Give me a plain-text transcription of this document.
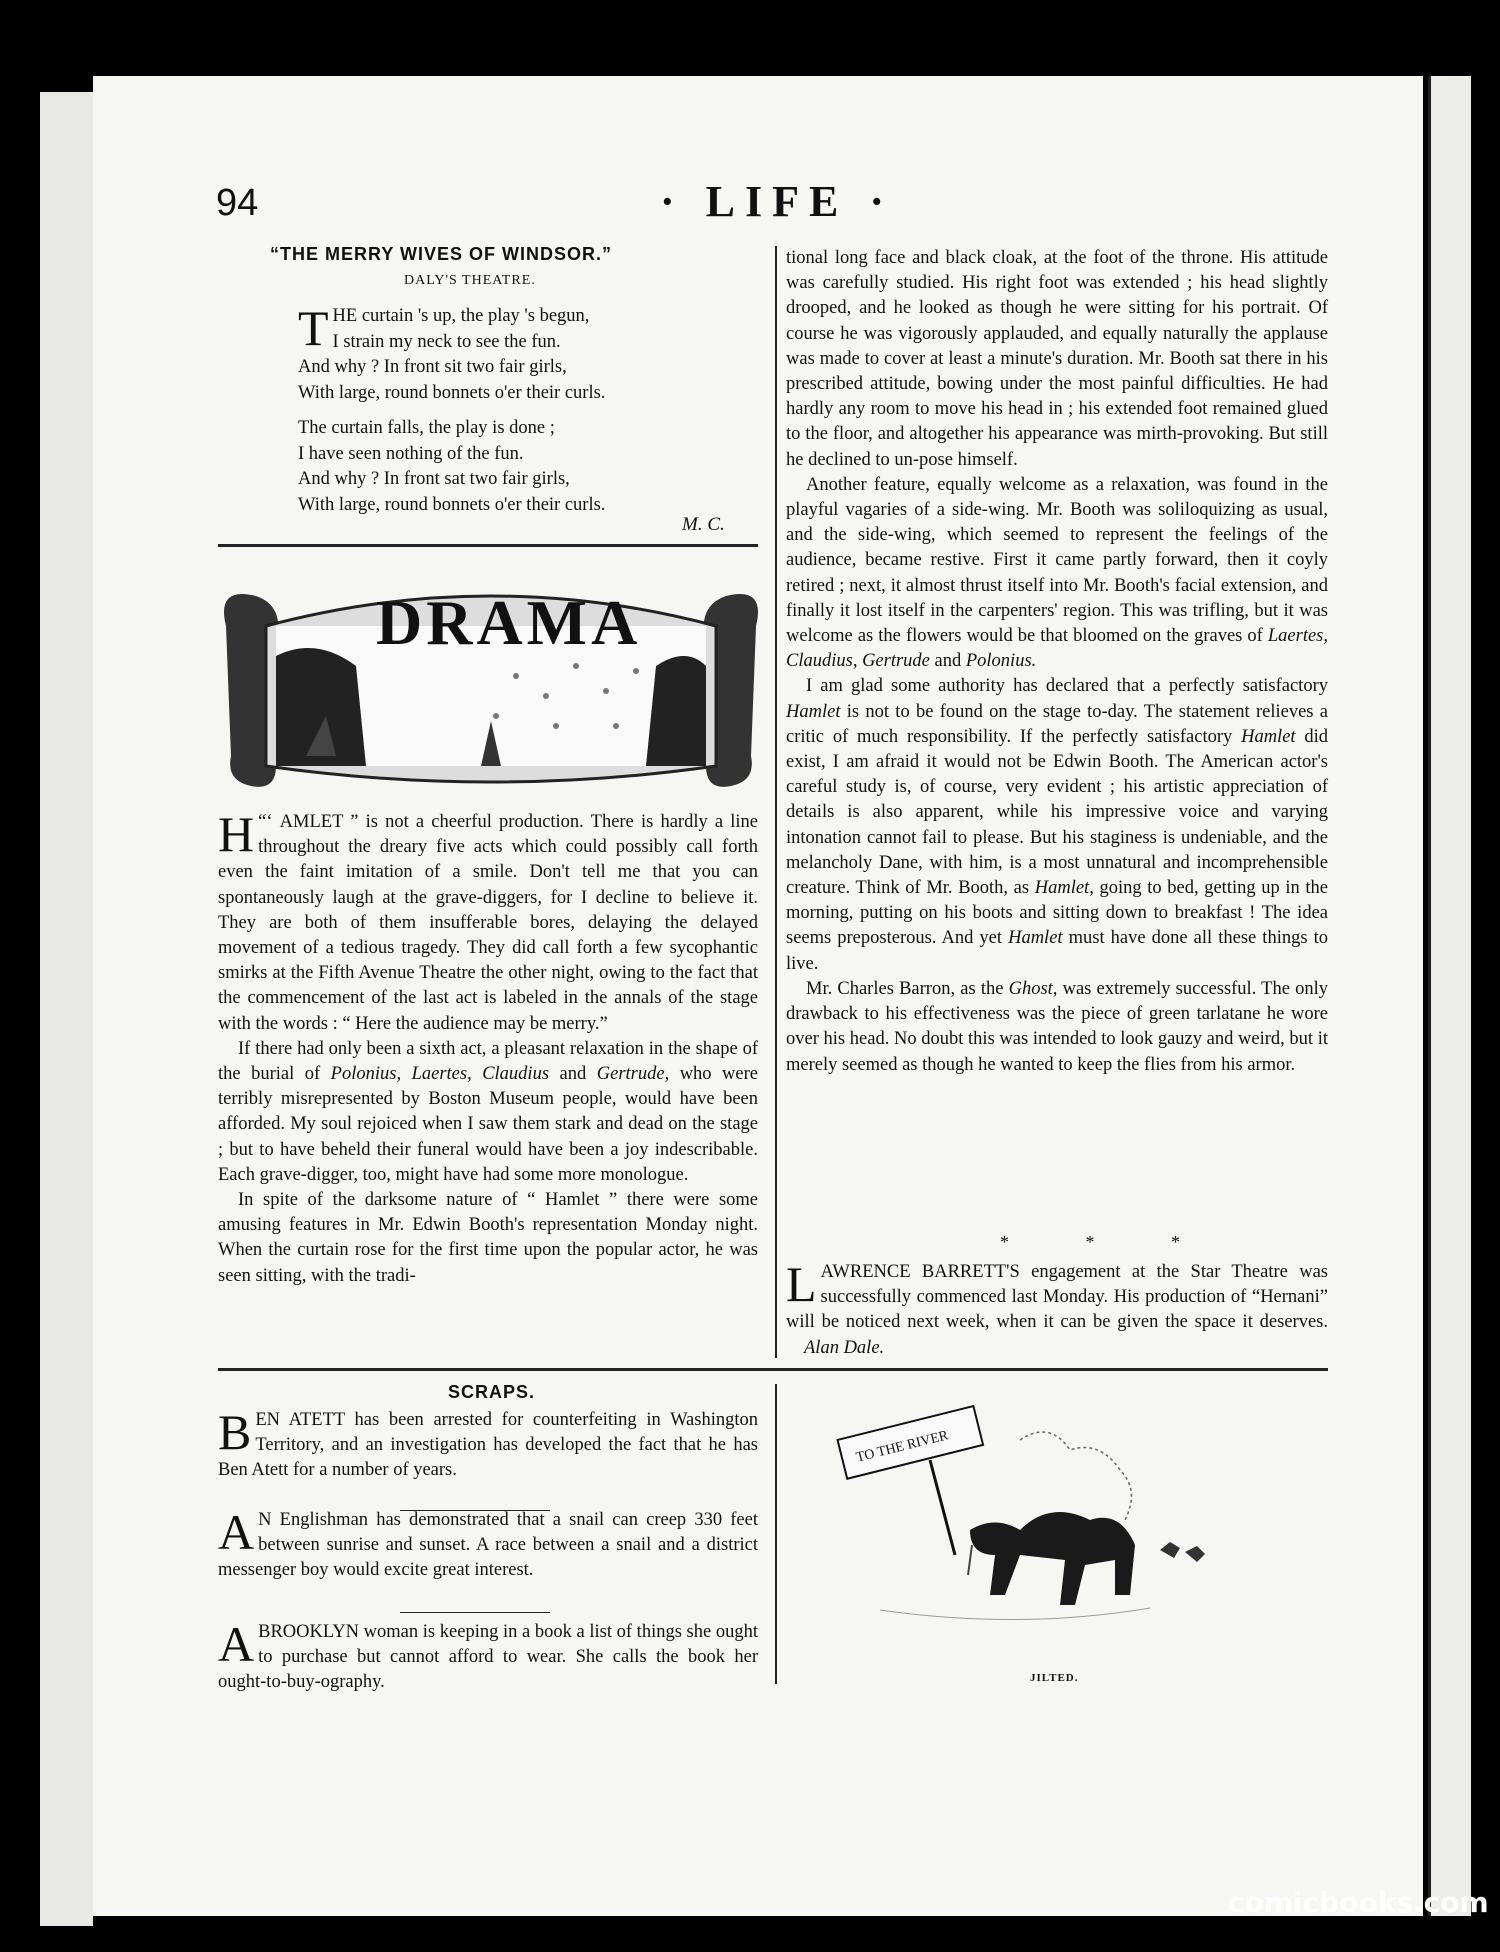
94	· LIFE ·
“THE MERRY WIVES OF WINDSOR.”
DALY'S THEATRE.
THE curtain 's up, the play 's begun,
I strain my neck to see the fun.
And why ? In front sit two fair girls,
With large, round bonnets o'er their curls.
The curtain falls, the play is done ;
I have seen nothing of the fun.
And why ? In front sat two fair girls,
With large, round bonnets o'er their curls.
M. C.
DRAMA

“‘
H AMLET ” is not a cheerful production. There is hardly a line throughout the dreary five acts which could possibly call forth even the faint imitation of a smile. Don't tell me that you can spontaneously laugh at the grave-diggers, for I decline to believe it. They are both of them insufferable bores, delaying the delayed movement of a tedious tragedy. They did call forth a few sycophantic smirks at the Fifth Avenue Theatre the other night, owing to the fact that the commencement of the last act is labeled in the annals of the stage with the words : “ Here the audience may be merry.”

If there had only been a sixth act, a pleasant relaxation in the shape of the burial of Polonius, Laertes, Claudius and Gertrude, who were terribly misrepresented by Boston Museum people, would have been afforded. My soul rejoiced when I saw them stark and dead on the stage ; but to have beheld their funeral would have been a joy indescribable. Each grave-digger, too, might have had some more monologue.

In spite of the darksome nature of “ Hamlet ” there were some amusing features in Mr. Edwin Booth's representation Monday night. When the curtain rose for the first time upon the popular actor, he was seen sitting, with the tradi-

tional long face and black cloak, at the foot of the throne. His attitude was carefully studied. His right foot was extended ; his head slightly drooped, and he looked as though he were sitting for his portrait. Of course he was vigorously applauded, and equally naturally the applause was made to cover at least a minute's duration. Mr. Booth sat there in his prescribed attitude, bowing under the most painful difficulties. He had hardly any room to move his head in ; his extended foot remained glued to the floor, and altogether his appearance was mirth-provoking. But still he declined to un-pose himself.

Another feature, equally welcome as a relaxation, was found in the playful vagaries of a side-wing. Mr. Booth was soliloquizing as usual, and the side-wing, which seemed to represent the feelings of the audience, became restive. First it came partly forward, then it coyly retired ; next, it almost thrust itself into Mr. Booth's facial extension, and finally it lost itself in the carpenters' region. This was trifling, but it was welcome as the flowers would be that bloomed on the graves of Laertes, Claudius, Gertrude and Polonius.

I am glad some authority has declared that a perfectly satisfactory Hamlet is not to be found on the stage to-day. The statement relieves a critic of much responsibility. If the perfectly satisfactory Hamlet did exist, I am afraid it would not be Edwin Booth. The American actor's careful study is, of course, very evident ; his artistic appreciation of details is also apparent, while his impressive voice and varying intonation cannot fail to please. But his staginess is undeniable, and the melancholy Dane, with him, is a most unnatural and incomprehensible creature. Think of Mr. Booth, as Hamlet, going to bed, getting up in the morning, putting on his boots and sitting down to breakfast ! The idea seems preposterous. And yet Hamlet must have done all these things to live.

Mr. Charles Barron, as the Ghost, was extremely successful. The only drawback to his effectiveness was the piece of green tarlatane he wore over his head. No doubt this was intended to look gauzy and weird, but it merely seemed as though he wanted to keep the flies from his armor.

* * *

LAWRENCE BARRETT'S engagement at the Star Theatre was successfully commenced last Monday. His production of “Hernani” will be noticed next week, when it can be given the space it deserves. Alan Dale.

SCRAPS.

BEN ATETT has been arrested for counterfeiting in Washington Territory, and an investigation has developed the fact that he has Ben Atett for a number of years.

A N Englishman has demonstrated that a snail can creep 330 feet between sunrise and sunset. A race between a snail and a district messenger boy would excite great interest.

A BROOKLYN woman is keeping in a book a list of things she ought to purchase but cannot afford to wear. She calls the book her ought-to-buy-ography.

TO THE RIVER
JILTED.
comicbooks.com
